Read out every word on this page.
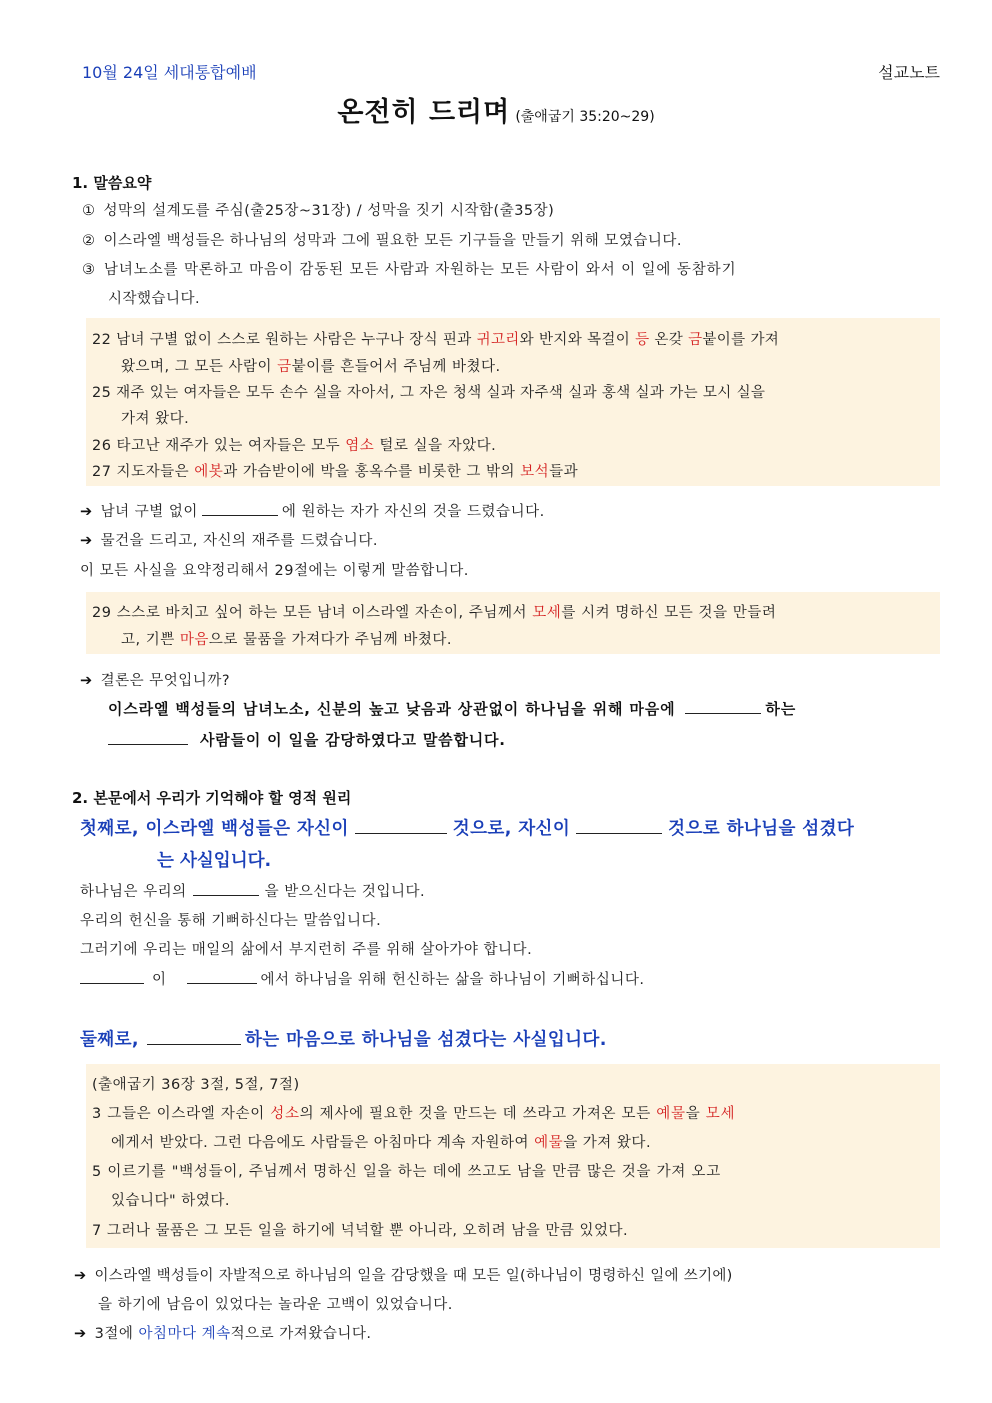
10월 24일 세대통합예배	설교노트
온전히 드리며 (출애굽기 35:20~29)
1. 말씀요약
① 성막의 설계도를 주심(출25장~31장) / 성막을 짓기 시작함(출35장)
② 이스라엘 백성들은 하나님의 성막과 그에 필요한 모든 기구들을 만들기 위해 모였습니다.
③ 남녀노소를 막론하고 마음이 감동된 모든 사람과 자원하는 모든 사람이 와서 이 일에 동참하기
시작했습니다.
22 남녀 구별 없이 스스로 원하는 사람은 누구나 장식 핀과 귀고리와 반지와 목걸이 등 온갖 금붙이를 가져
왔으며, 그 모든 사람이 금붙이를 흔들어서 주님께 바쳤다.
25 재주 있는 여자들은 모두 손수 실을 자아서, 그 자은 청색 실과 자주색 실과 홍색 실과 가는 모시 실을
가져 왔다.
26 타고난 재주가 있는 여자들은 모두 염소 털로 실을 자았다.
27 지도자들은 에봇과 가슴받이에 박을 홍옥수를 비롯한 그 밖의 보석들과
➔ 남녀 구별 없이	에 원하는 자가 자신의 것을 드렸습니다.
➔ 물건을 드리고, 자신의 재주를 드렸습니다.
이 모든 사실을 요약정리해서 29절에는 이렇게 말씀합니다.
29 스스로 바치고 싶어 하는 모든 남녀 이스라엘 자손이, 주님께서 모세를 시켜 명하신 모든 것을 만들려
고, 기쁜 마음으로 물품을 가져다가 주님께 바쳤다.
➔ 결론은 무엇입니까?
이스라엘 백성들의 남녀노소, 신분의 높고 낮음과 상관없이 하나님을 위해 마음에	하는
사람들이 이 일을 감당하였다고 말씀합니다.
2. 본문에서 우리가 기억해야 할 영적 원리
첫째로, 이스라엘 백성들은 자신이	것으로, 자신이	것으로 하나님을 섬겼다
는 사실입니다.
하나님은 우리의	을 받으신다는 것입니다.
우리의 헌신을 통해 기뻐하신다는 말씀입니다.
그러기에 우리는 매일의 삶에서 부지런히 주를 위해 살아가야 합니다.
이	에서 하나님을 위해 헌신하는 삶을 하나님이 기뻐하십니다.
둘째로,	하는 마음으로 하나님을 섬겼다는 사실입니다.
(출애굽기 36장 3절, 5절, 7절)
3 그들은 이스라엘 자손이 성소의 제사에 필요한 것을 만드는 데 쓰라고 가져온 모든 예물을 모세
에게서 받았다. 그런 다음에도 사람들은 아침마다 계속 자원하여 예물을 가져 왔다.
5 이르기를 "백성들이, 주님께서 명하신 일을 하는 데에 쓰고도 남을 만큼 많은 것을 가져 오고
있습니다" 하였다.
7 그러나 물품은 그 모든 일을 하기에 넉넉할 뿐 아니라, 오히려 남을 만큼 있었다.
➔ 이스라엘 백성들이 자발적으로 하나님의 일을 감당했을 때 모든 일(하나님이 명령하신 일에 쓰기에)
을 하기에 남음이 있었다는 놀라운 고백이 있었습니다.
➔ 3절에 아침마다 계속적으로 가져왔습니다.
